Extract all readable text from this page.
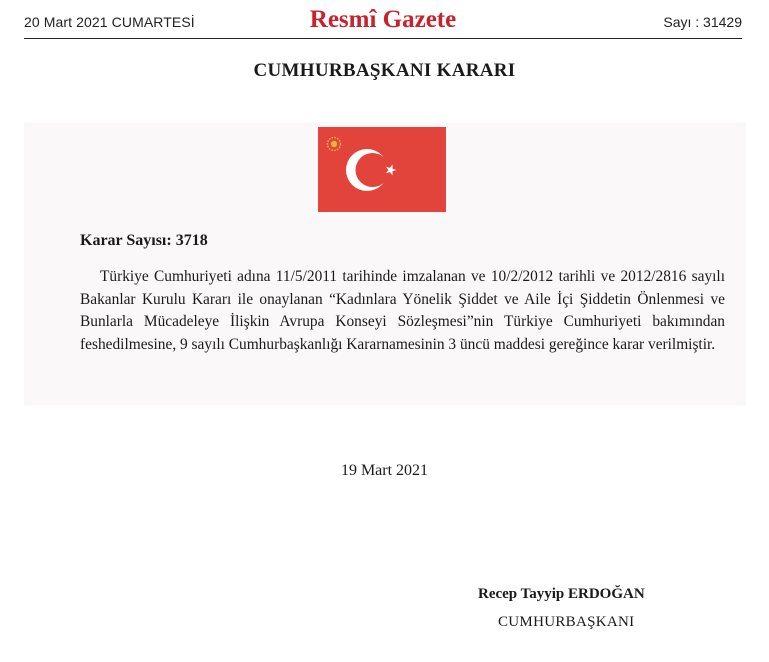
20 Mart 2021 CUMARTESİ	Resmî Gazete	Sayı : 31429
CUMHURBAŞKANI KARARI
Karar Sayısı: 3718

Türkiye Cumhuriyeti adına 11/5/2011 tarihinde imzalanan ve 10/2/2012 tarihli ve 2012/2816 sayılı Bakanlar Kurulu Kararı ile onaylanan “Kadınlara Yönelik Şiddet ve Aile İçi Şiddetin Önlenmesi ve Bunlarla Mücadeleye İlişkin Avrupa Konseyi Sözleşmesi”nin Türkiye Cumhuriyeti bakımından feshedilmesine, 9 sayılı Cumhurbaşkanlığı Kararnamesinin 3 üncü maddesi gereğince karar verilmiştir.

19 Mart 2021
Recep Tayyip ERDOĞAN
CUMHURBAŞKANI
